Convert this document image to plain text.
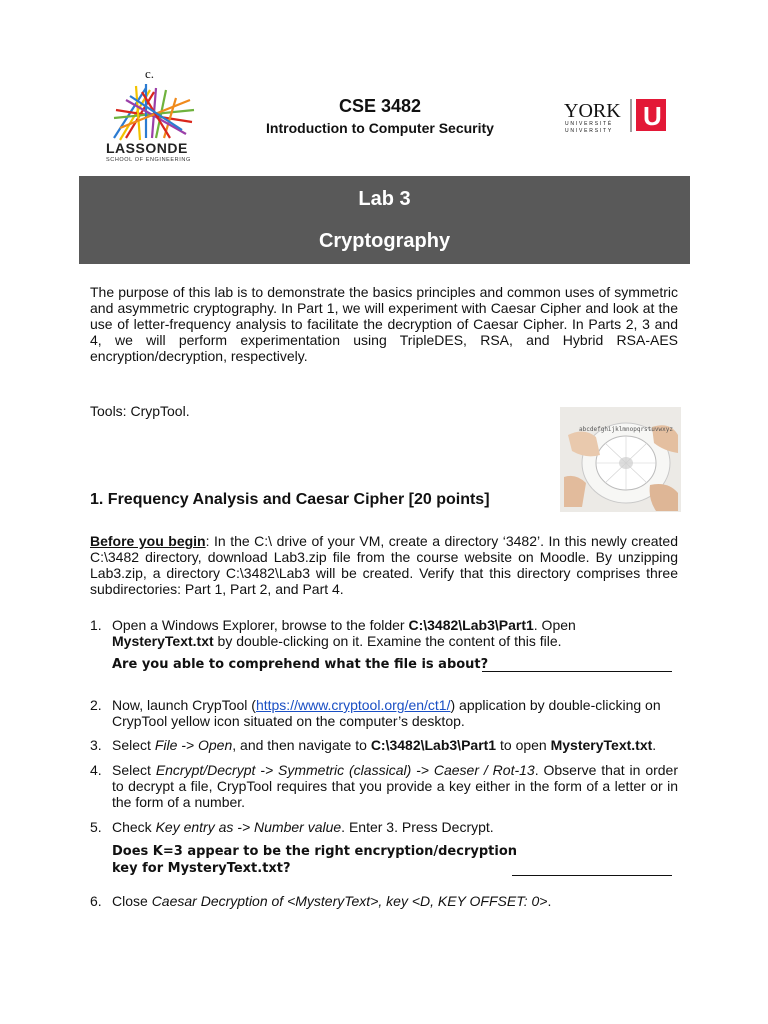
c.
LASSONDE
SCHOOL OF ENGINEERING
CSE 3482
Introduction to Computer Security
YORK
UNIVERSITÉ
UNIVERSITY U
Lab 3
Cryptography
The purpose of this lab is to demonstrate the basics principles and common uses of symmetric and asymmetric cryptography. In Part 1, we will experiment with Caesar Cipher and look at the use of letter-frequency analysis to facilitate the decryption of Caesar Cipher. In Parts 2, 3 and 4, we will perform experimentation using TripleDES, RSA, and Hybrid RSA-AES encryption/decryption, respectively.
Tools: CrypTool.
abcdefghijklmnopqrstuvwxyz
1. Frequency Analysis and Caesar Cipher [20 points]
Before you begin: In the C:\ drive of your VM, create a directory ‘3482’. In this newly created C:\3482 directory, download Lab3.zip file from the course website on Moodle. By unzipping Lab3.zip, a directory C:\3482\Lab3 will be created. Verify that this directory comprises three subdirectories: Part 1, Part 2, and Part 4.
1. Open a Windows Explorer, browse to the folder C:\3482\Lab3\Part1. Open MysteryText.txt by double-clicking on it. Examine the content of this file.
Are you able to comprehend what the file is about?
2. Now, launch CrypTool (https://www.cryptool.org/en/ct1/) application by double-clicking on CrypTool yellow icon situated on the computer’s desktop.
3. Select File -> Open, and then navigate to C:\3482\Lab3\Part1 to open MysteryText.txt.
4. Select Encrypt/Decrypt -> Symmetric (classical) -> Caeser / Rot-13. Observe that in order to decrypt a file, CrypTool requires that you provide a key either in the form of a letter or in the form of a number.
5. Check Key entry as -> Number value. Enter 3. Press Decrypt.
Does K=3 appear to be the right encryption/decryption
key for MysteryText.txt?
6. Close Caesar Decryption of <MysteryText>, key <D, KEY OFFSET: 0>.
